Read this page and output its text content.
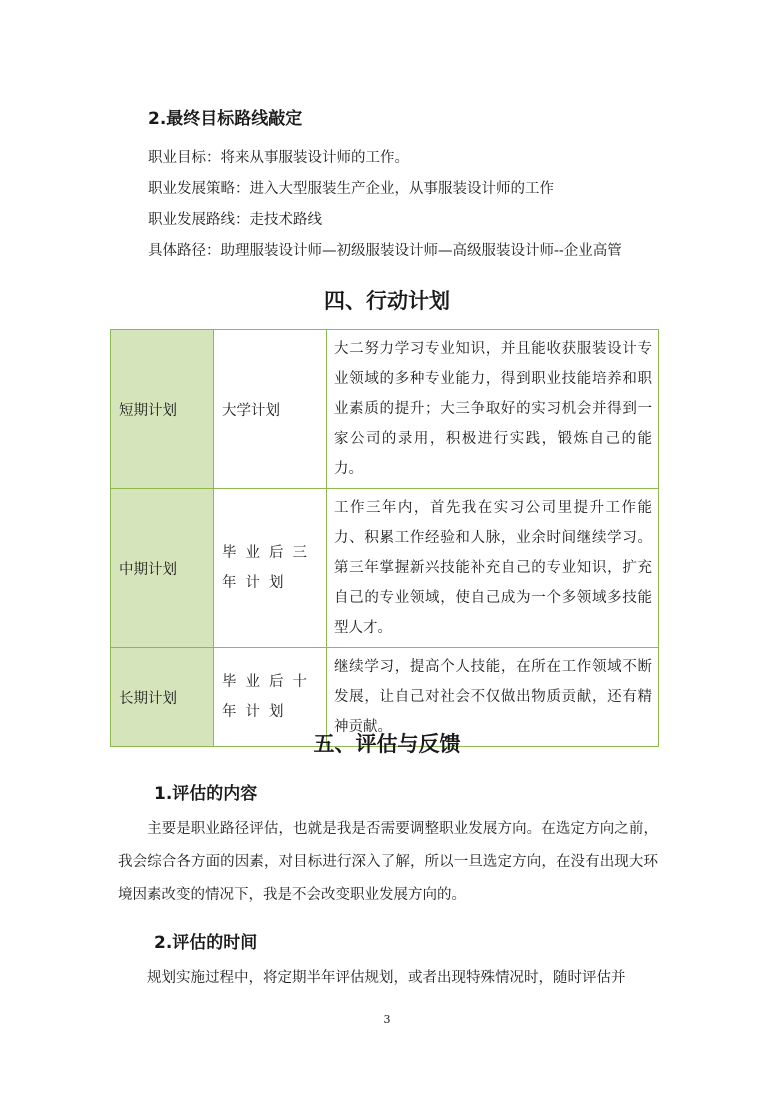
2.最终目标路线敲定
职业目标：将来从事服装设计师的工作。
职业发展策略：进入大型服装生产企业，从事服装设计师的工作
职业发展路线：走技术路线
具体路径：助理服装设计师—初级服装设计师—高级服装设计师--企业高管
四、行动计划
短期计划	大学计划	大二努力学习专业知识，并且能收获服装设计专业领域的多种专业能力，得到职业技能培养和职业素质的提升；大三争取好的实习机会并得到一家公司的录用，积极进行实践，锻炼自己的能力。
中期计划	毕业后三年计划	工作三年内，首先我在实习公司里提升工作能力、积累工作经验和人脉，业余时间继续学习。第三年掌握新兴技能补充自己的专业知识，扩充自己的专业领域，使自己成为一个多领域多技能型人才。
长期计划	毕业后十年计划	继续学习，提高个人技能，在所在工作领域不断发展，让自己对社会不仅做出物质贡献，还有精神贡献。
五、评估与反馈
1.评估的内容
主要是职业路径评估，也就是我是否需要调整职业发展方向。在选定方向之前，我会综合各方面的因素，对目标进行深入了解，所以一旦选定方向，在没有出现大环境因素改变的情况下，我是不会改变职业发展方向的。
2.评估的时间
规划实施过程中，将定期半年评估规划，或者出现特殊情况时，随时评估并
3
